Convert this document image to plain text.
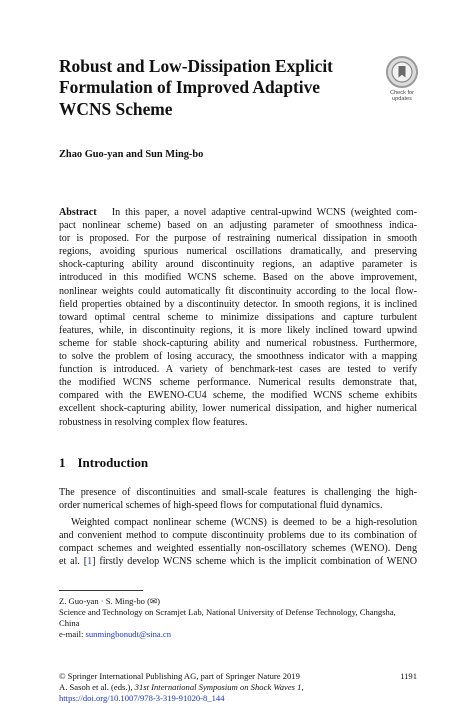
Robust and Low-Dissipation Explicit
Formulation of Improved Adaptive
WCNS Scheme
Check for
updates

Zhao Guo-yan and Sun Ming-bo

Abstract In this paper, a novel adaptive central-upwind WCNS (weighted com-
pact nonlinear scheme) based on an adjusting parameter of smoothness indica-
tor is proposed. For the purpose of restraining numerical dissipation in smooth
regions, avoiding spurious numerical oscillations dramatically, and preserving
shock-capturing ability around discontinuity regions, an adaptive parameter is
introduced in this modified WCNS scheme. Based on the above improvement,
nonlinear weights could automatically fit discontinuity according to the local flow-
field properties obtained by a discontinuity detector. In smooth regions, it is inclined
toward optimal central scheme to minimize dissipations and capture turbulent
features, while, in discontinuity regions, it is more likely inclined toward upwind
scheme for stable shock-capturing ability and numerical robustness. Furthermore,
to solve the problem of losing accuracy, the smoothness indicator with a mapping
function is introduced. A variety of benchmark-test cases are tested to verify
the modified WCNS scheme performance. Numerical results demonstrate that,
compared with the EWENO-CU4 scheme, the modified WCNS scheme exhibits
excellent shock-capturing ability, lower numerical dissipation, and higher numerical
robustness in resolving complex flow features.
1 Introduction
The presence of discontinuities and small-scale features is challenging the high-
order numerical schemes of high-speed flows for computational fluid dynamics.
Weighted compact nonlinear scheme (WCNS) is deemed to be a high-resolution
and convenient method to compute discontinuity problems due to its combination of
compact schemes and weighted essentially non-oscillatory schemes (WENO). Deng
et al. [1] firstly develop WCNS scheme which is the implicit combination of WENO
Z. Guo-yan · S. Ming-bo (✉)
Science and Technology on Scramjet Lab, National University of Defense Technology, Changsha,
China
e-mail: sunmingbonudt@sina.cn
© Springer International Publishing AG, part of Springer Nature 2019	1191
A. Sasoh et al. (eds.), 31st International Symposium on Shock Waves 1,
https://doi.org/10.1007/978-3-319-91020-8_144
